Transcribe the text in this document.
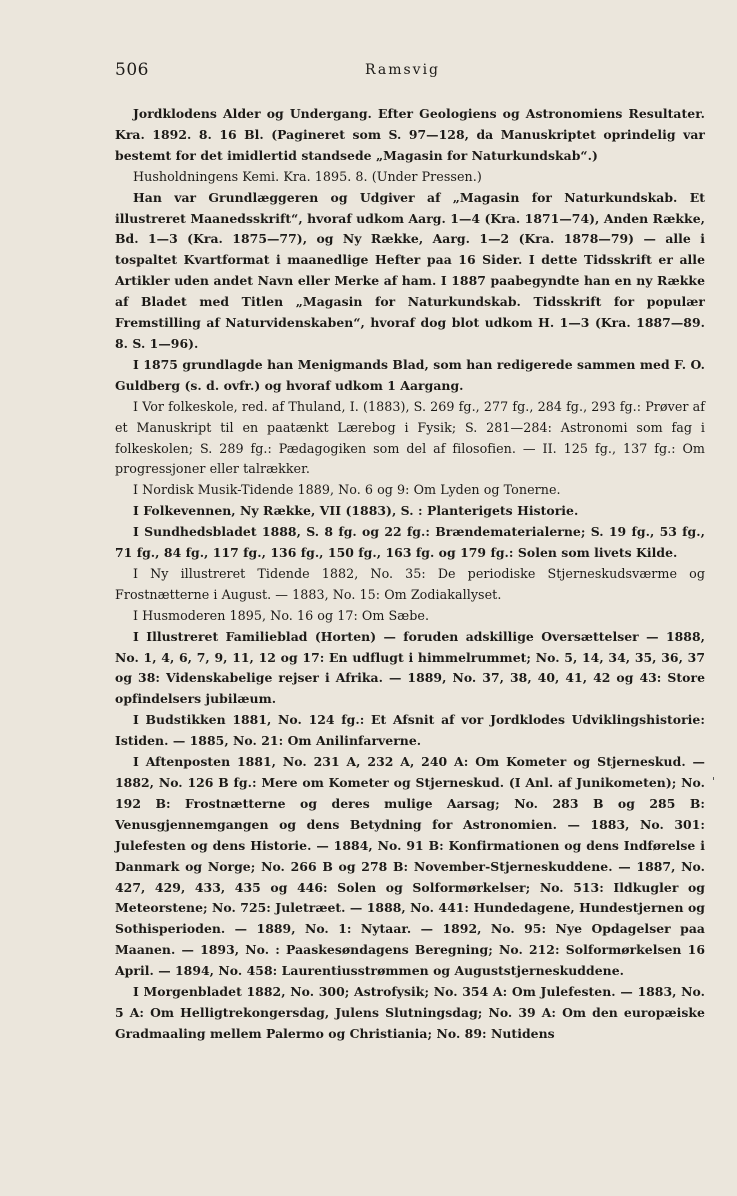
506	Ramsvig

Jordklodens Alder og Undergang. Efter Geologiens og Astronomiens Resultater. Kra. 1892. 8. 16 Bl. (Pagineret som S. 97—128, da Manuskriptet oprindelig var bestemt for det imidlertid standsede „Magasin for Naturkundskab“.)

Husholdningens Kemi. Kra. 1895. 8. (Under Pressen.)

Han var Grundlæggeren og Udgiver af „Magasin for Naturkundskab. Et illustreret Maanedsskrift“, hvoraf udkom Aarg. 1—4 (Kra. 1871—74), Anden Række, Bd. 1—3 (Kra. 1875—77), og Ny Række, Aarg. 1—2 (Kra. 1878—79) — alle i tospaltet Kvartformat i maanedlige Hefter paa 16 Sider. I dette Tidsskrift er alle Artikler uden andet Navn eller Merke af ham. I 1887 paabegyndte han en ny Række af Bladet med Titlen „Magasin for Naturkundskab. Tidsskrift for populær Fremstilling af Naturvidenskaben“, hvoraf dog blot udkom H. 1—3 (Kra. 1887—89. 8. S. 1—96).

I 1875 grundlagde han Menigmands Blad, som han redigerede sammen med F. O. Guldberg (s. d. ovfr.) og hvoraf udkom 1 Aargang.

I Vor folkeskole, red. af Thuland, I. (1883), S. 269 fg., 277 fg., 284 fg., 293 fg.: Prøver af et Manuskript til en paatænkt Lærebog i Fysik; S. 281—284: Astronomi som fag i folkeskolen; S. 289 fg.: Pædagogiken som del af filosofien. — II. 125 fg., 137 fg.: Om progressjoner eller talrækker.

I Nordisk Musik-Tidende 1889, No. 6 og 9: Om Lyden og Tonerne.

I Folkevennen, Ny Række, VII (1883), S. : Planterigets Historie.

I Sundhedsbladet 1888, S. 8 fg. og 22 fg.: Brændematerialerne; S. 19 fg., 53 fg., 71 fg., 84 fg., 117 fg., 136 fg., 150 fg., 163 fg. og 179 fg.: Solen som livets Kilde.

I Ny illustreret Tidende 1882, No. 35: De periodiske Stjerneskudsværme og Frostnætterne i August. — 1883, No. 15: Om Zodiakallyset.

I Husmoderen 1895, No. 16 og 17: Om Sæbe.

I Illustreret Familieblad (Horten) — foruden adskillige Oversættelser — 1888, No. 1, 4, 6, 7, 9, 11, 12 og 17: En udflugt i himmelrummet; No. 5, 14, 34, 35, 36, 37 og 38: Videnskabelige rejser i Afrika. — 1889, No. 37, 38, 40, 41, 42 og 43: Store opfindelsers jubilæum.

I Budstikken 1881, No. 124 fg.: Et Afsnit af vor Jordklodes Udviklingshistorie: Istiden. — 1885, No. 21: Om Anilinfarverne.

I Aftenposten 1881, No. 231 A, 232 A, 240 A: Om Kometer og Stjerneskud. — 1882, No. 126 B fg.: Mere om Kometer og Stjerneskud. (I Anl. af Junikometen); No. 192 B: Frostnætterne og deres mulige Aarsag; No. 283 B og 285 B: Venusgjennemgangen og dens Betydning for Astronomien. — 1883, No. 301: Julefesten og dens Historie. — 1884, No. 91 B: Konfirmationen og dens Indførelse i Danmark og Norge; No. 266 B og 278 B: November-Stjerneskuddene. — 1887, No. 427, 429, 433, 435 og 446: Solen og Solformørkelser; No. 513: Ildkugler og Meteorstene; No. 725: Juletræet. — 1888, No. 441: Hundedagene, Hundestjernen og Sothisperioden. — 1889, No. 1: Nytaar. — 1892, No. 95: Nye Opdagelser paa Maanen. — 1893, No. : Paaskesøndagens Beregning; No. 212: Solformørkelsen 16 April. — 1894, No. 458: Laurentiusstrømmen og Auguststjerneskuddene.

I Morgenbladet 1882, No. 300; Astrofysik; No. 354 A: Om Julefesten. — 1883, No. 5 A: Om Helligtrekongersdag, Julens Slutningsdag; No. 39 A: Om den europæiske Gradmaaling mellem Palermo og Christiania; No. 89: Nutidens

'
